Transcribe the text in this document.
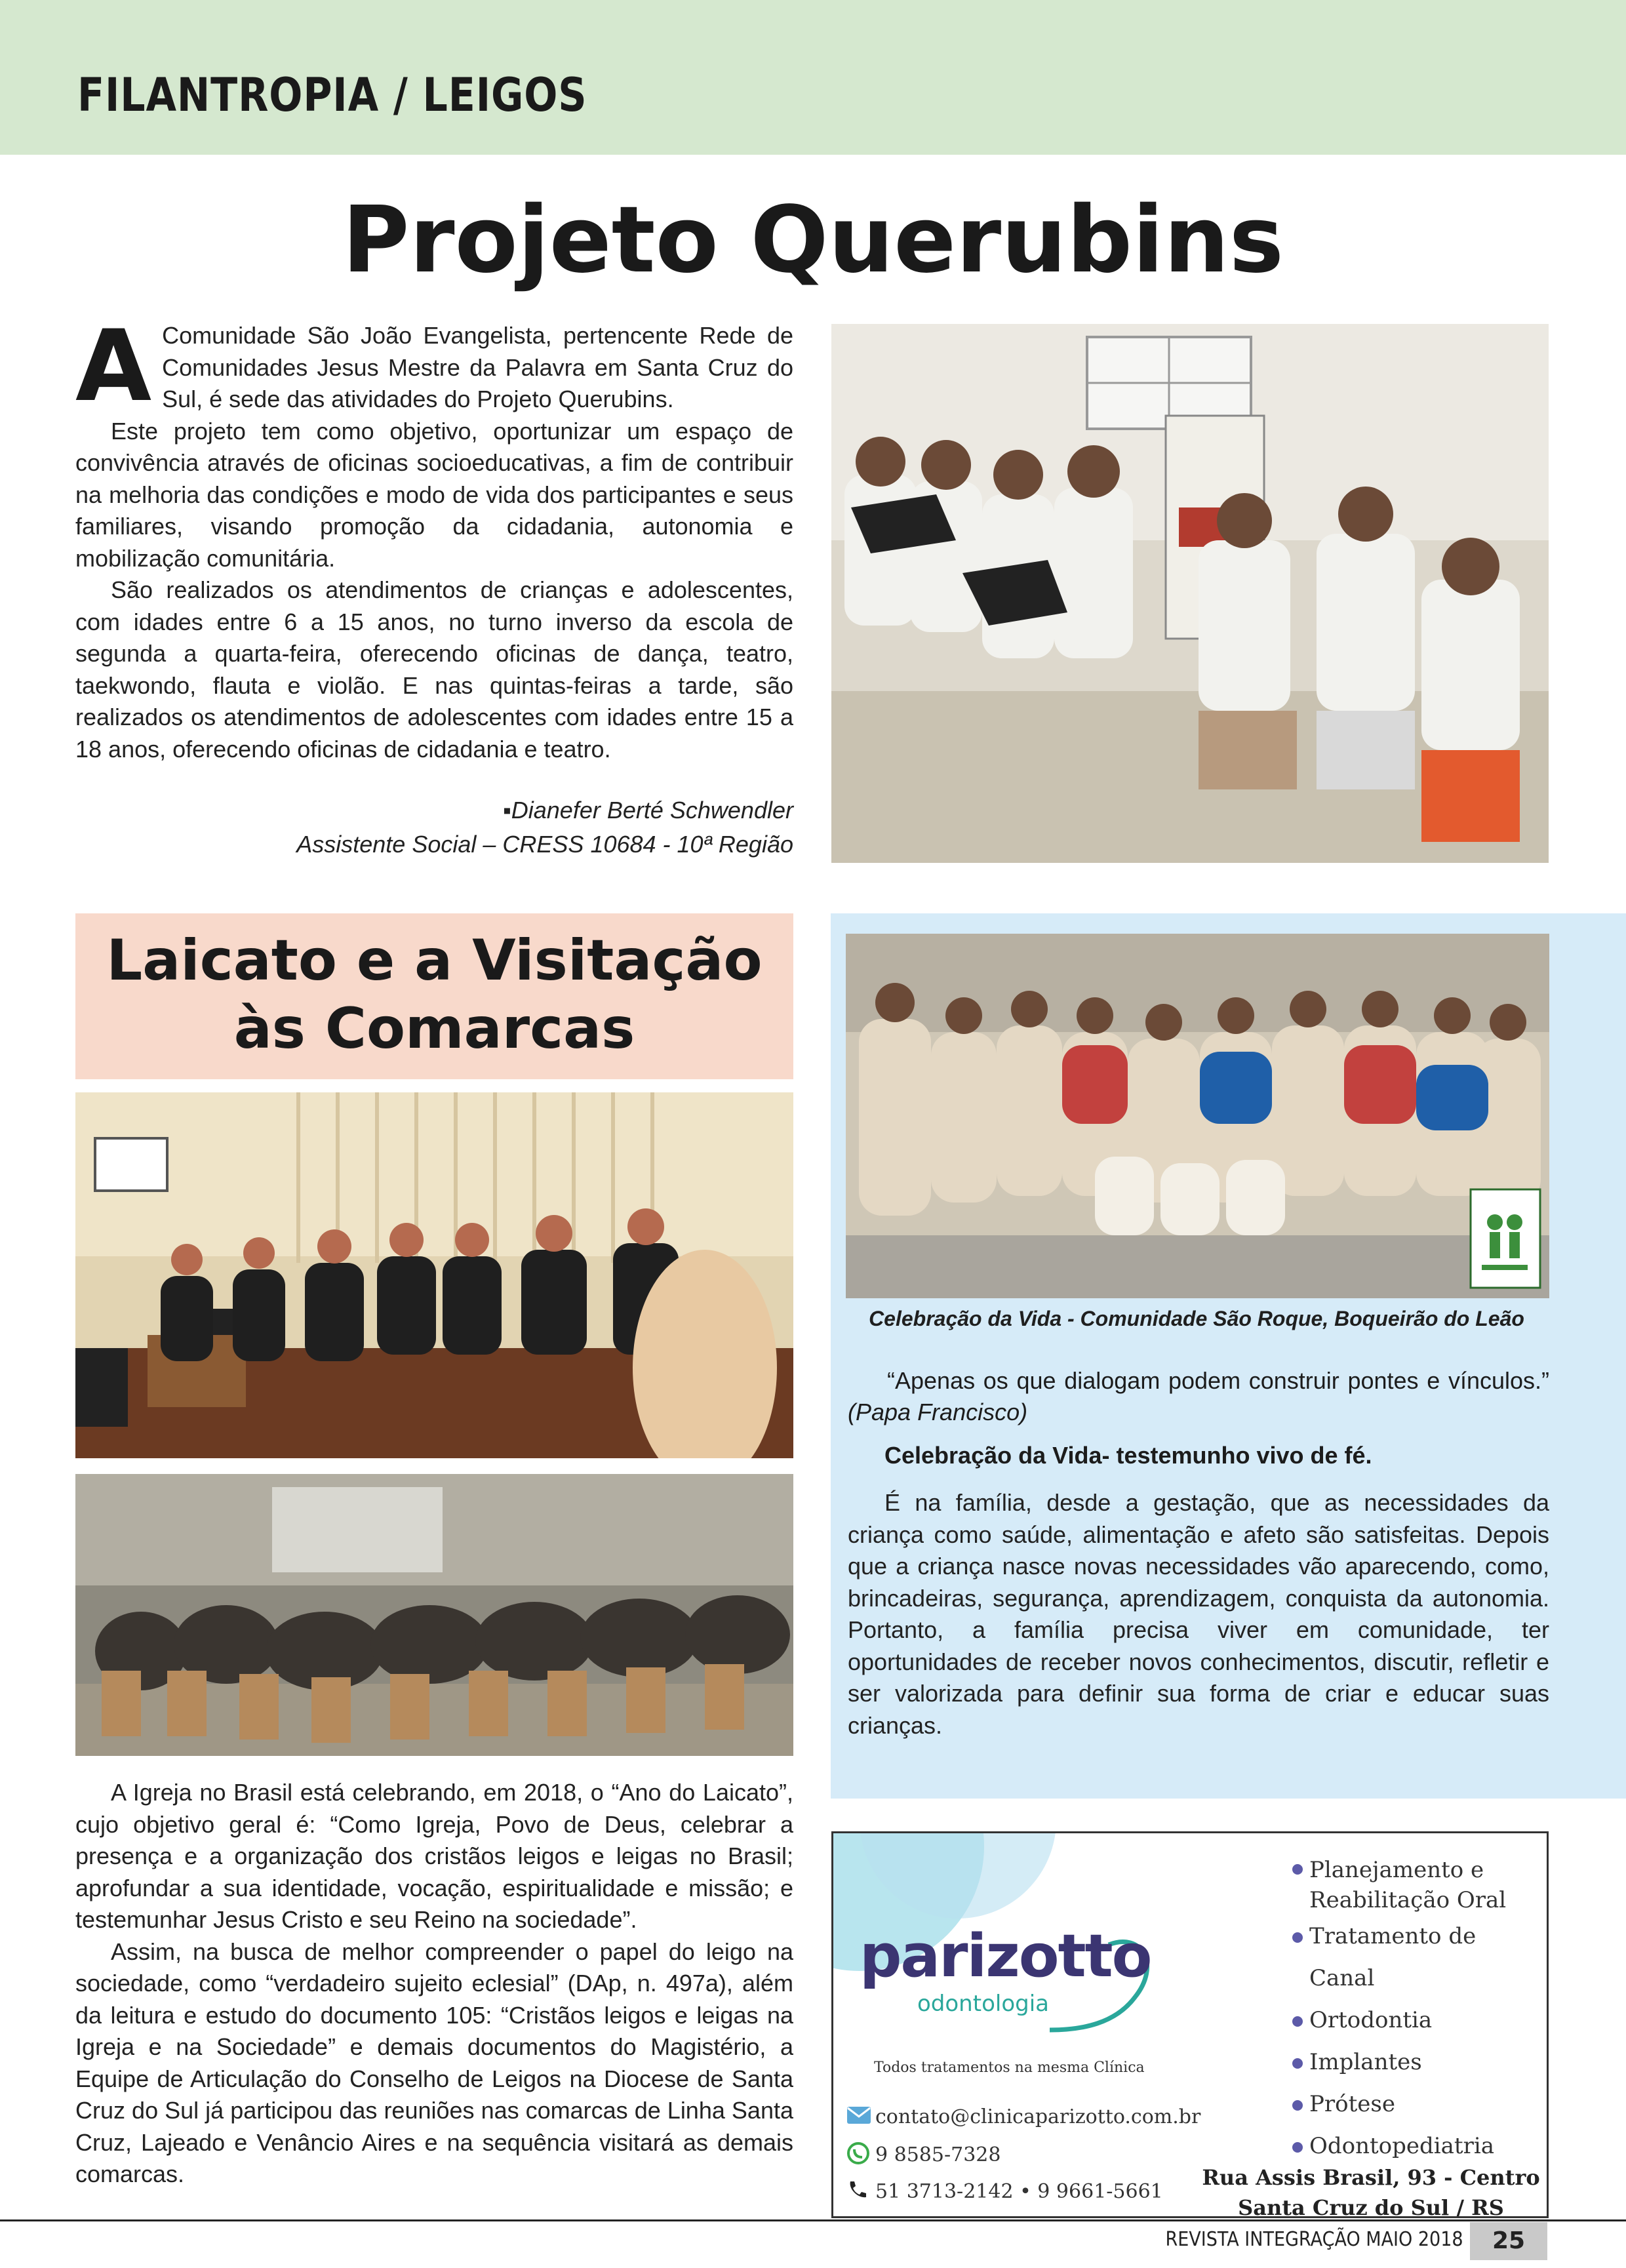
FILANTROPIA / LEIGOS
Projeto Querubins

A Comunidade São João Evangelista, pertencente Rede de Comunidades Jesus Mestre da Palavra em Santa Cruz do Sul, é sede das atividades do Projeto Querubins.

Este projeto tem como objetivo, oportunizar um espaço de convivência através de oficinas socioeducativas, a fim de contribuir na melhoria das condições e modo de vida dos participantes e seus familiares, visando promoção da cidadania, autonomia e mobilização comunitária.

São realizados os atendimentos de crianças e adolescentes, com idades entre 6 a 15 anos, no turno inverso da escola de segunda a quarta-feira, oferecendo oficinas de dança, teatro, taekwondo, flauta e violão. E nas quintas-feiras a tarde, são realizados os atendimentos de adolescentes com idades entre 15 a 18 anos, oferecendo oficinas de cidadania e teatro.

▪Dianefer Berté Schwendler
Assistente Social – CRESS 10684 - 10ª Região
Laicato e a Visitação
às Comarcas

A Igreja no Brasil está celebrando, em 2018, o “Ano do Laicato”, cujo objetivo geral é: “Como Igreja, Povo de Deus, celebrar a presença e a organização dos cristãos leigos e leigas no Brasil; aprofundar a sua identidade, vocação, espiritualidade e missão; e testemunhar Jesus Cristo e seu Reino na sociedade”.

Assim, na busca de melhor compreender o papel do leigo na sociedade, como “verdadeiro sujeito eclesial” (DAp, n. 497a), além da leitura e estudo do documento 105: “Cristãos leigos e leigas na Igreja e na Sociedade” e demais documentos do Magistério, a Equipe de Articulação do Conselho de Leigos na Diocese de Santa Cruz do Sul já participou das reuniões nas comarcas de Linha Santa Cruz, Lajeado e Venâncio Aires e na sequência visitará as demais comarcas.

Celebração da Vida - Comunidade São Roque, Boqueirão do Leão

“Apenas os que dialogam podem construir pontes e vínculos.” (Papa Francisco)

Celebração da Vida- testemunho vivo de fé.

É na família, desde a gestação, que as necessidades da criança como saúde, alimentação e afeto são satisfeitas. Depois que a criança nasce novas necessidades vão aparecendo, como, brincadeiras, segurança, aprendizagem, conquista da autonomia. Portanto, a família precisa viver em comunidade, ter oportunidades de receber novos conhecimentos, discutir, refletir e ser valorizada para definir sua forma de criar e educar suas crianças.

parizotto
odontologia
Todos tratamentos na mesma Clínica
contato@clinicaparizotto.com.br
9 8585-7328
51 3713-2142 • 9 9661-5661
Planejamento e
Reabilitação Oral
Tratamento de Canal
Ortodontia
Implantes
Prótese
Odontopediatria
Rua Assis Brasil, 93 - Centro
Santa Cruz do Sul / RS
REVISTA INTEGRAÇÃO MAIO 2018	25
